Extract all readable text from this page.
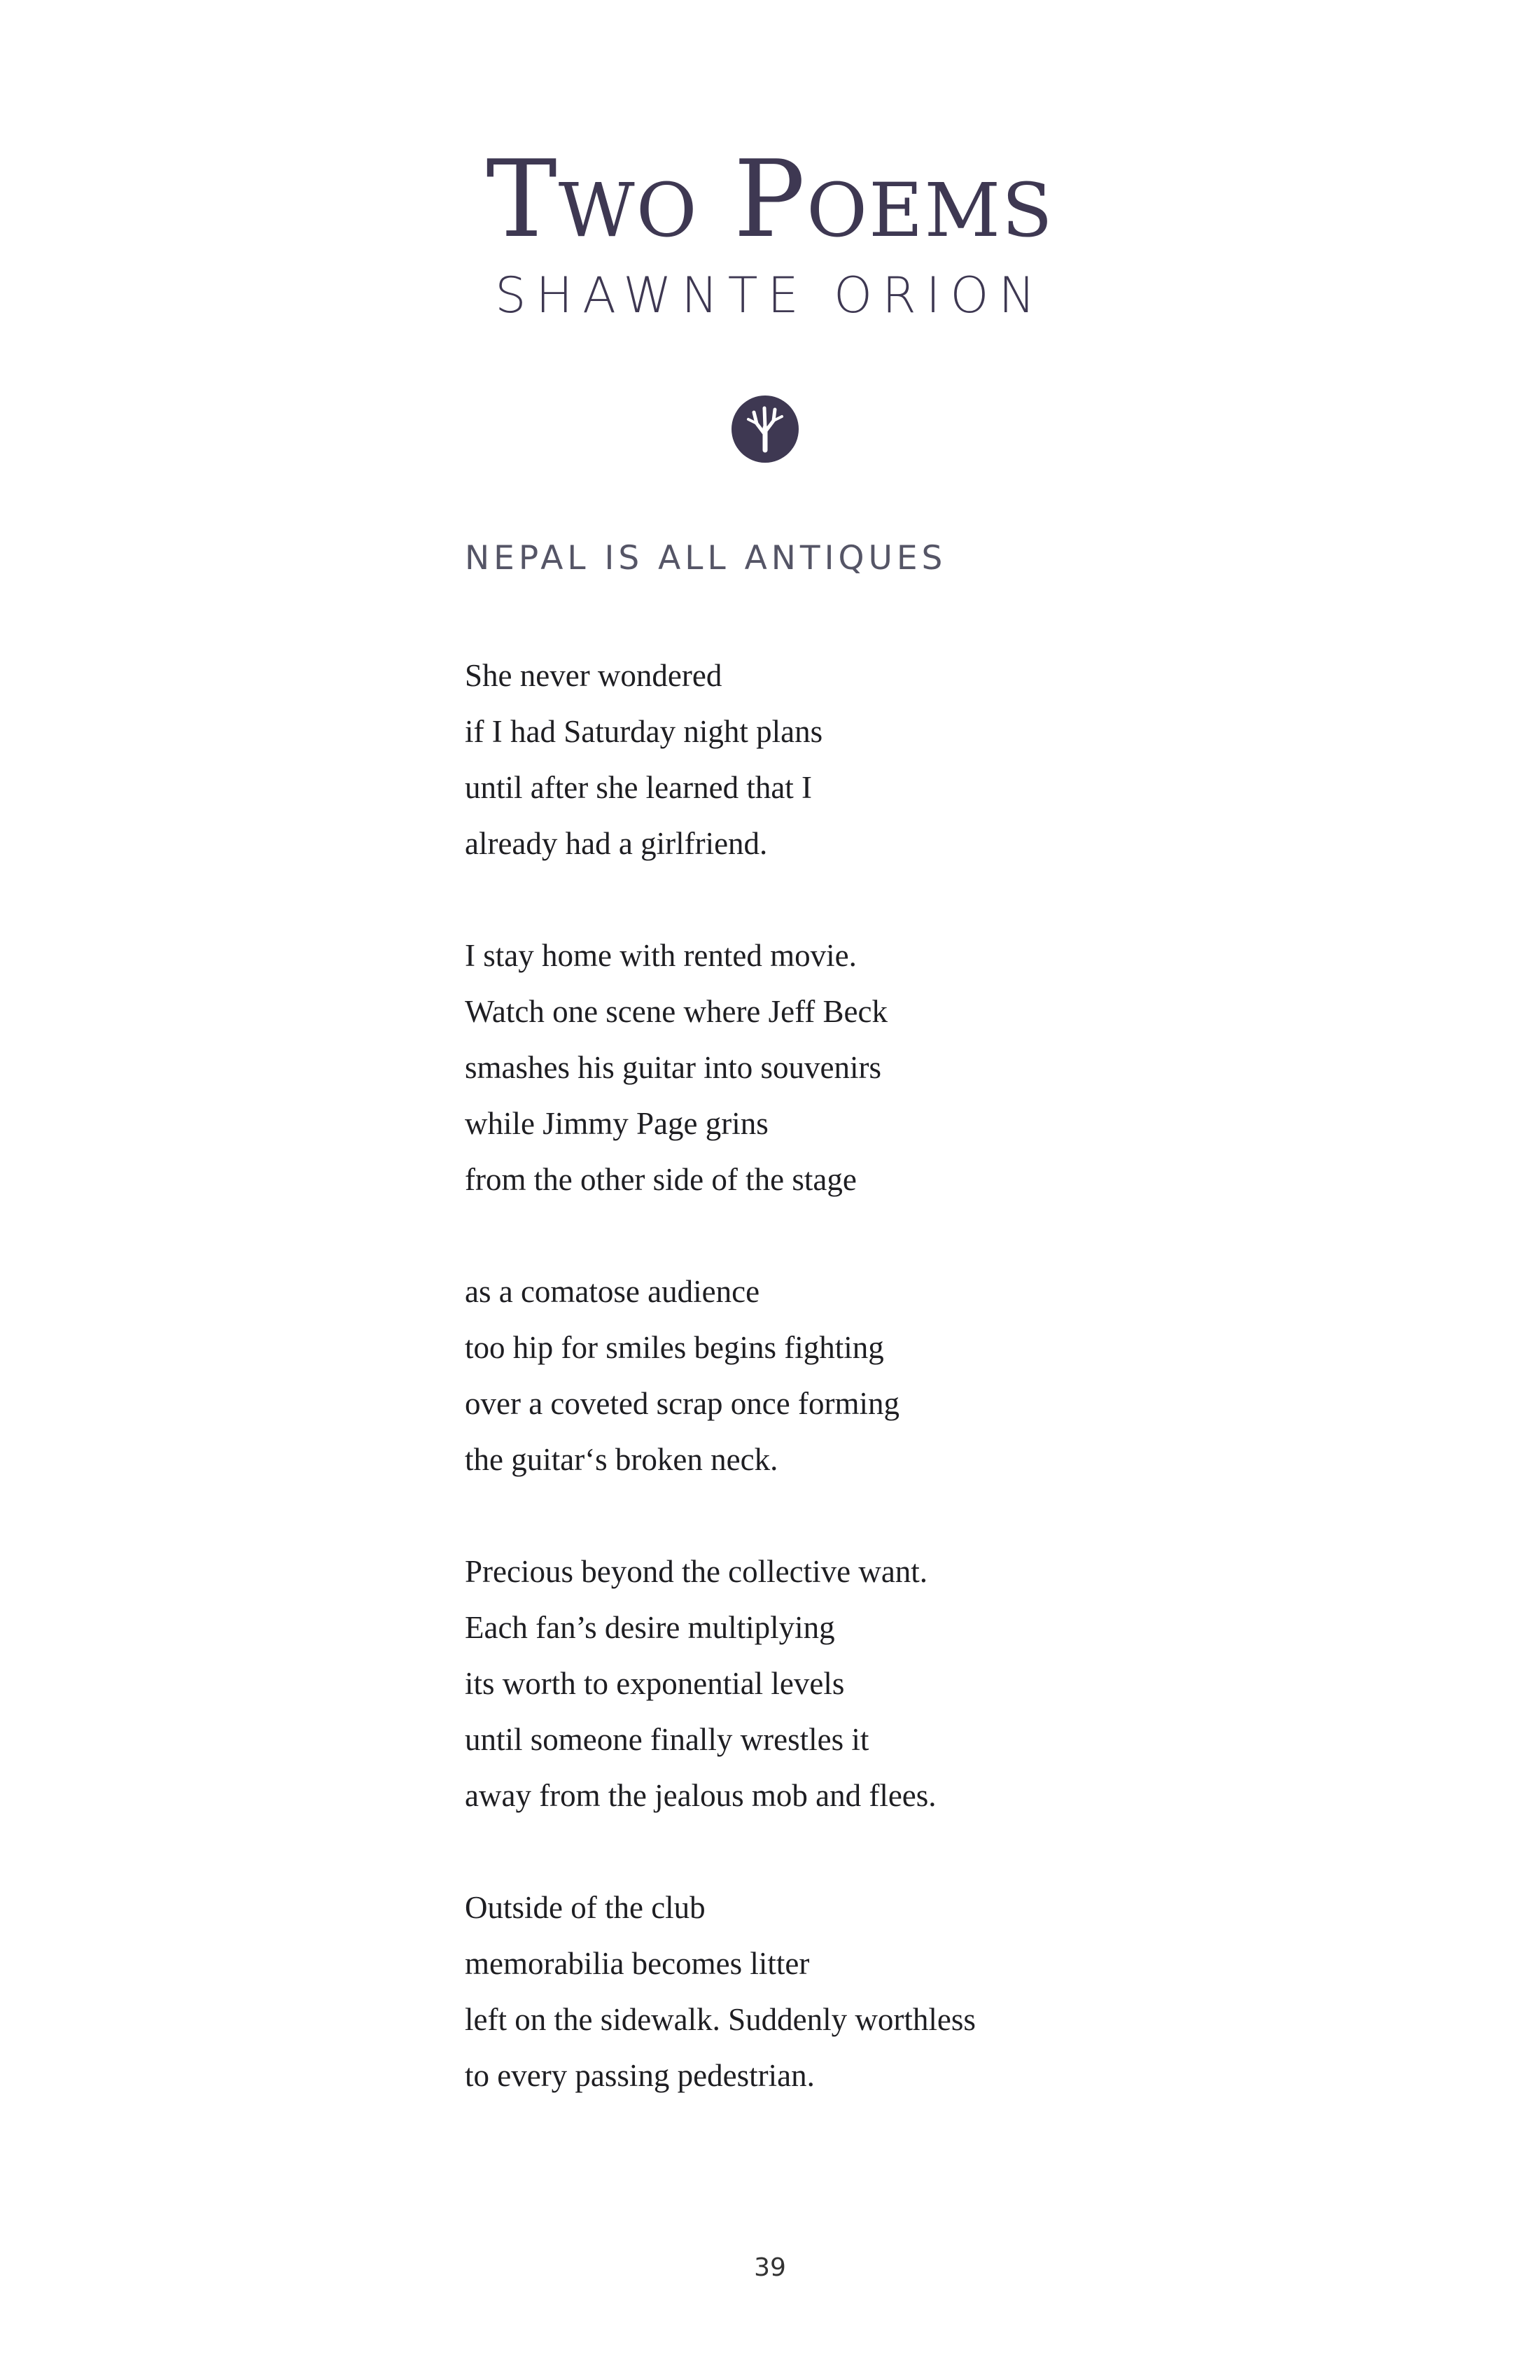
Two Poems
SHAWNTE ORION
NEPAL IS ALL ANTIQUES
She never wondered
if I had Saturday night plans
until after she learned that I
already had a girlfriend.
I stay home with rented movie.
Watch one scene where Jeff Beck
smashes his guitar into souvenirs
while Jimmy Page grins
from the other side of the stage
as a comatose audience
too hip for smiles begins fighting
over a coveted scrap once forming
the guitar‘s broken neck.
Precious beyond the collective want.
Each fan’s desire multiplying
its worth to exponential levels
until someone finally wrestles it
away from the jealous mob and flees.
Outside of the club
memorabilia becomes litter
left on the sidewalk. Suddenly worthless
to every passing pedestrian.
39
